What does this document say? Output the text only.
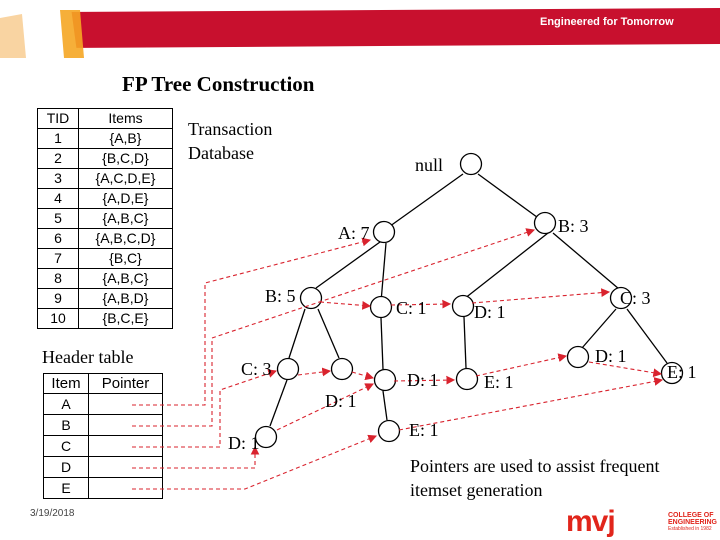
Engineered for Tomorrow
FP Tree Construction
TID	Items
1	{A,B}
2	{B,C,D}
3	{A,C,D,E}
4	{A,D,E}
5	{A,B,C}
6	{A,B,C,D}
7	{B,C}
8	{A,B,C}
9	{A,B,D}
10	{B,C,E}
Transaction
Database
Header table
Item	Pointer
A	
B	
C	
D	
E	
null
A: 7	B: 3
B: 5
C: 1	D: 1
C: 3
C: 3
D: 1
D: 1	E: 1
D: 1
E: 1
D: 1
E: 1
Pointers are used to assist frequent
itemset generation
3/19/2018	mvj	COLLEGE OF
ENGINEERING
Established in 1982
